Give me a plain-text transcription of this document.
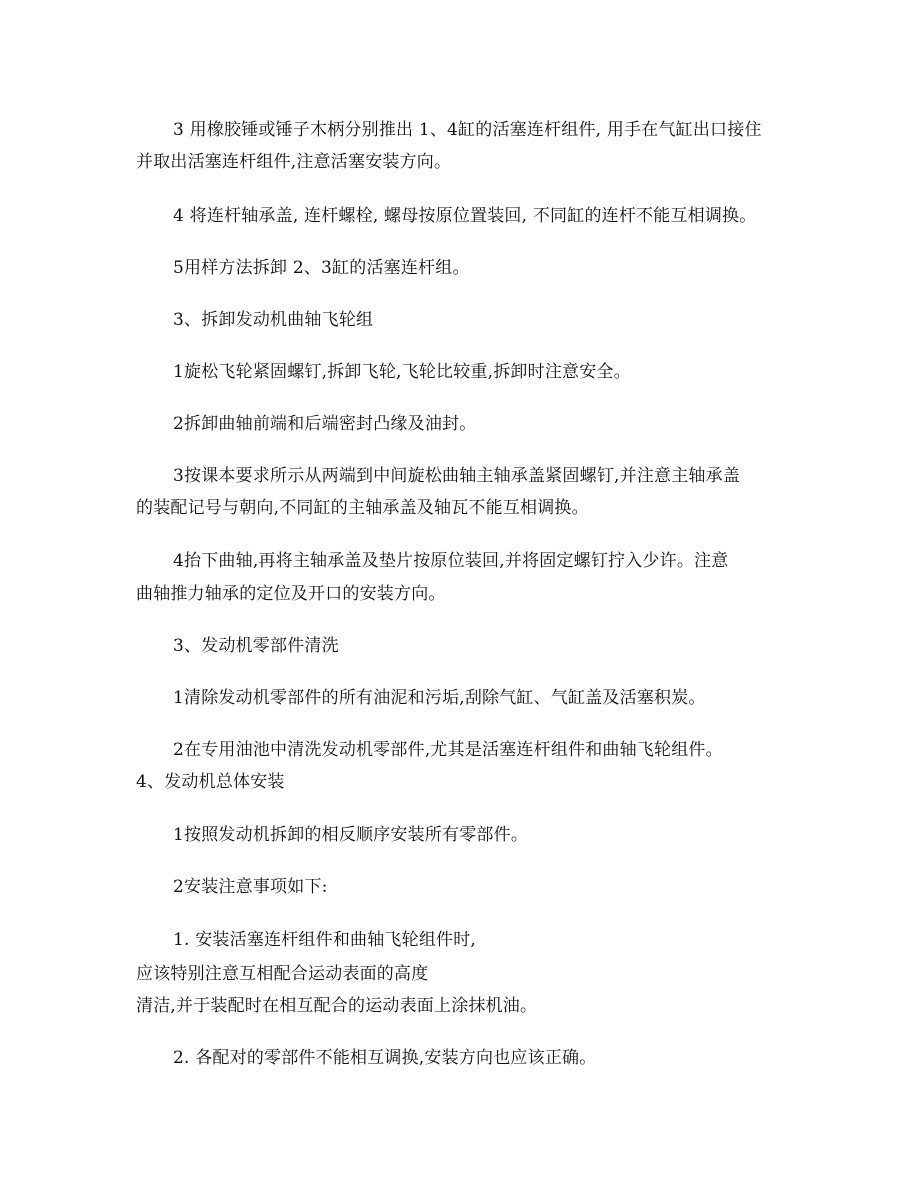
3 用橡胶锤或锤子木柄分别推出 1、4缸的活塞连杆组件, 用手在气缸出口接住

并取出活塞连杆组件,注意活塞安装方向。

4 将连杆轴承盖, 连杆螺栓, 螺母按原位置装回, 不同缸的连杆不能互相调换。

5用样方法拆卸 2、3缸的活塞连杆组。

3、拆卸发动机曲轴飞轮组

1旋松飞轮紧固螺钉,拆卸飞轮,飞轮比较重,拆卸时注意安全。

2拆卸曲轴前端和后端密封凸缘及油封。

3按课本要求所示从两端到中间旋松曲轴主轴承盖紧固螺钉,并注意主轴承盖

的装配记号与朝向,不同缸的主轴承盖及轴瓦不能互相调换。

4抬下曲轴,再将主轴承盖及垫片按原位装回,并将固定螺钉拧入少许。注意

曲轴推力轴承的定位及开口的安装方向。

3、发动机零部件清洗

1清除发动机零部件的所有油泥和污垢,刮除气缸、气缸盖及活塞积炭。

2在专用油池中清洗发动机零部件,尤其是活塞连杆组件和曲轴飞轮组件。

4、发动机总体安装

1按照发动机拆卸的相反顺序安装所有零部件。

2安装注意事项如下:

1. 安装活塞连杆组件和曲轴飞轮组件时,

应该特别注意互相配合运动表面的高度

清洁,并于装配时在相互配合的运动表面上涂抹机油。

2. 各配对的零部件不能相互调换,安装方向也应该正确。
